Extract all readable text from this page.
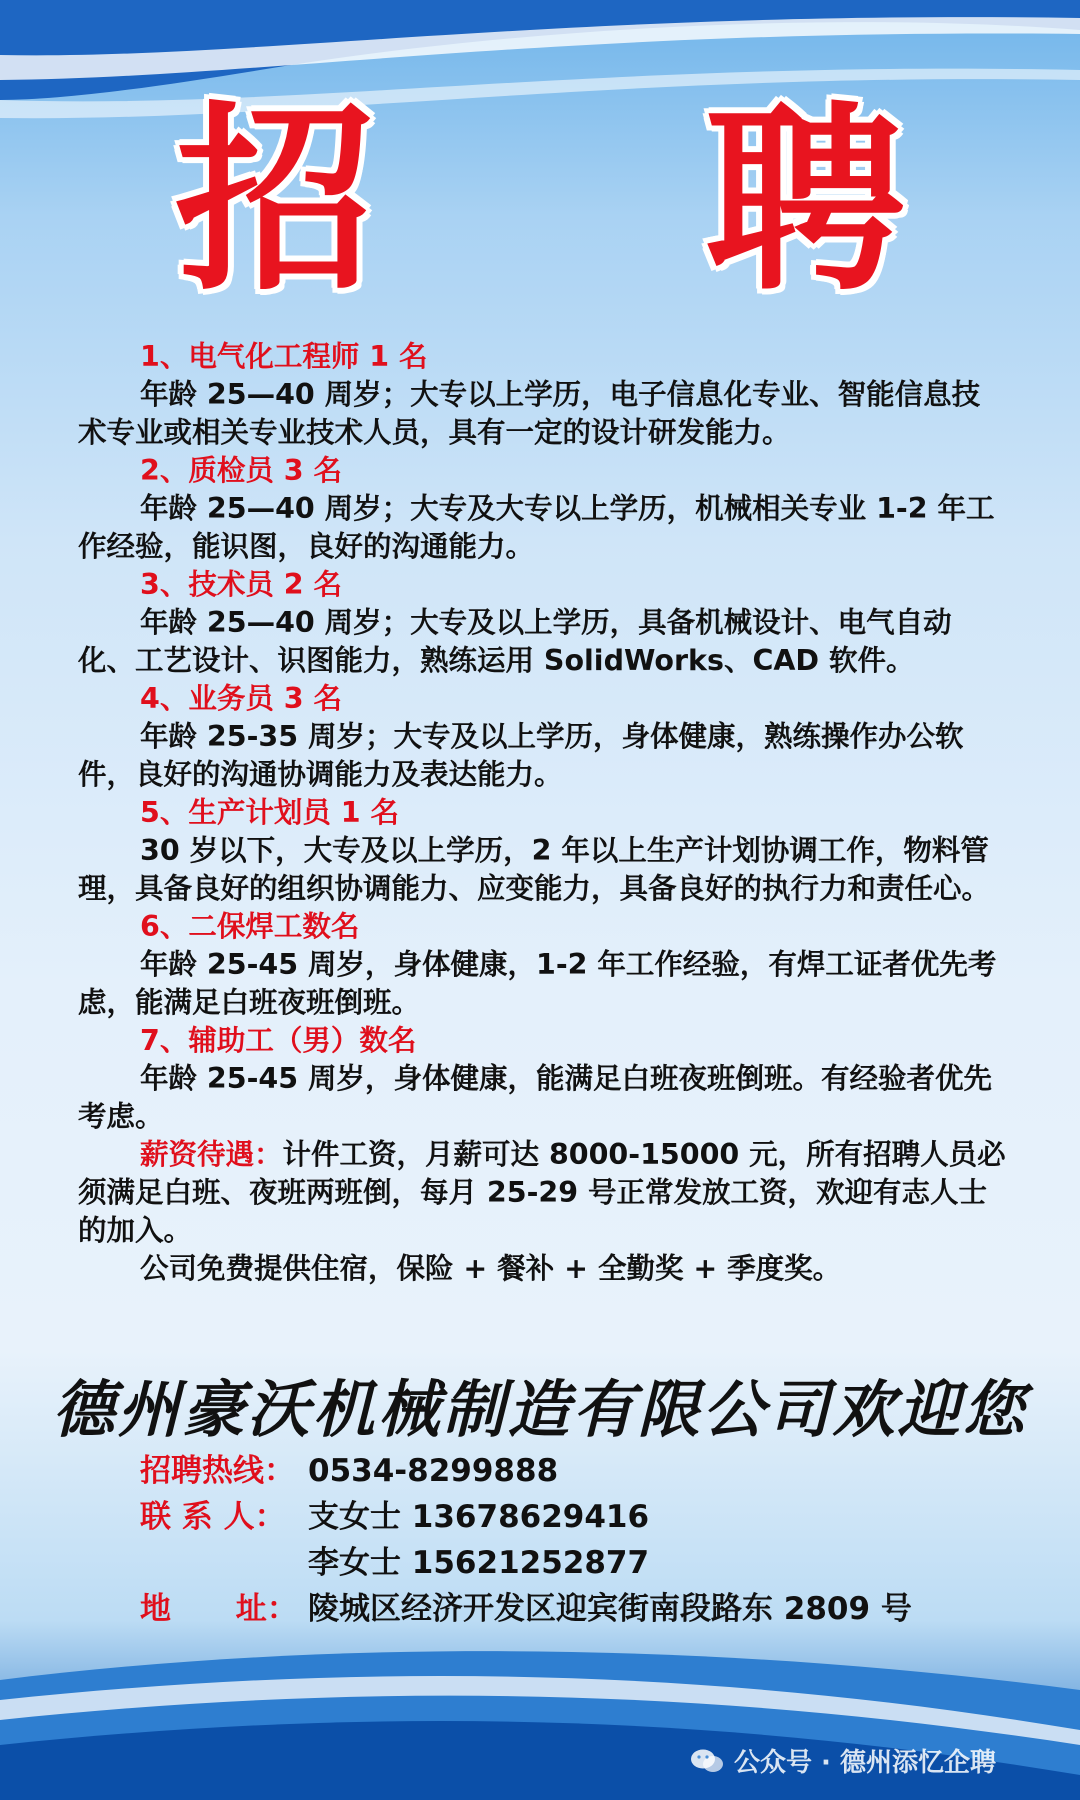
招 聘
1、电气化工程师 1 名
年龄 25—40 周岁；大专以上学历，电子信息化专业、智能信息技术专业或相关专业技术人员，具有一定的设计研发能力。
2、质检员 3 名
年龄 25—40 周岁；大专及大专以上学历，机械相关专业 1-2 年工作经验，能识图，良好的沟通能力。
3、技术员 2 名
年龄 25—40 周岁；大专及以上学历，具备机械设计、电气自动化、工艺设计、识图能力，熟练运用 SolidWorks、CAD 软件。
4、业务员 3 名
年龄 25-35 周岁；大专及以上学历，身体健康，熟练操作办公软件，良好的沟通协调能力及表达能力。
5、生产计划员 1 名
30 岁以下，大专及以上学历，2 年以上生产计划协调工作，物料管理，具备良好的组织协调能力、应变能力，具备良好的执行力和责任心。
6、二保焊工数名
年龄 25-45 周岁，身体健康，1-2 年工作经验，有焊工证者优先考虑，能满足白班夜班倒班。
7、辅助工（男）数名
年龄 25-45 周岁，身体健康，能满足白班夜班倒班。有经验者优先考虑。
薪资待遇：计件工资，月薪可达 8000-15000 元，所有招聘人员必须满足白班、夜班两班倒，每月 25-29 号正常发放工资，欢迎有志人士的加入。
公司免费提供住宿，保险 + 餐补 + 全勤奖 + 季度奖。
德州豪沃机械制造有限公司欢迎您
招聘热线： 0534-8299888
联 系 人： 支女士 13678629416
李女士 15621252877
地      址： 陵城区经济开发区迎宾街南段路东 2809 号
公众号 · 德州添忆企聘
